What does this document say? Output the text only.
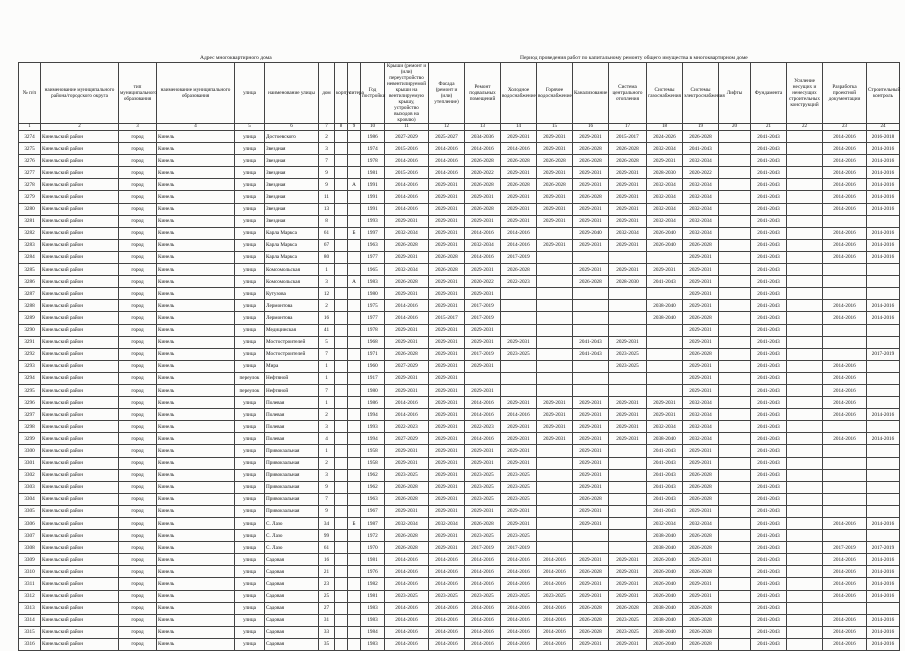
Адрес многоквартирного дома	Период проведения работ по капитальному ремонту общего имущества в многоквартирном доме
№ п/п	наименование муниципального района/городского округа	тип муниципального образования	наименование муниципального образования	улица	наименование улицы	дом	корпус	литера	Год постройки	Крыши (ремонт и (или) переустройство невентилируемой крыши на вентилируемую крышу, устройство выходов на кровлю)	Фасада (ремонт и (или) утепление)	Ремонт подвальных помещений	Холодное водоснабжение	Горячее водоснабжение	Канализование	Система центрального отопления	Системы газоснабжения	Системы электроснабжения	Лифты	Фундамента	Усиление несущих и ненесущих строительных конструкций	Разработка проектной документации	Строительный контроль
1	2	3	4	5	6	7	8	9	10	11	12	13	14	15	16	17	18	19	20	21	22	23	24
3274	Кинельский район	город	Кинель	улица	Достоевского	2			1986	2027-2029	2025-2027	2034-2036	2029-2031	2029-2031	2029-2031	2015-2017	2024-2026	2026-2028		2041-2043		2014-2016	2016-2018
3275	Кинельский район	город	Кинель	улица	Звездная	3			1974	2015-2016	2014-2016	2014-2016	2014-2016	2029-2031	2026-2028	2026-2028	2032-2034	2041-2043		2041-2043		2014-2016	2014-2016
3276	Кинельский район	город	Кинель	улица	Звездная	7			1978	2014-2016	2014-2016	2026-2028	2026-2028	2026-2028	2026-2028	2026-2028	2029-2031	2032-2034		2041-2043		2014-2016	2014-2016
3277	Кинельский район	город	Кинель	улица	Звездная	9			1981	2015-2016	2014-2016	2020-2022	2029-2031	2029-2031	2029-2031	2029-2031	2028-2030	2020-2022		2041-2043		2014-2016	2014-2016
3278	Кинельский район	город	Кинель	улица	Звездная	9		А	1991	2014-2016	2029-2031	2026-2028	2026-2028	2026-2028	2029-2031	2029-2031	2032-2034	2032-2034		2041-2043		2014-2016	2014-2016
3279	Кинельский район	город	Кинель	улица	Звездная	11			1991	2014-2016	2029-2031	2029-2031	2029-2031	2029-2031	2026-2028	2029-2031	2032-2034	2032-2034		2041-2043		2014-2016	2014-2016
3280	Кинельский район	город	Кинель	улица	Звездная	13			1991	2014-2016	2029-2031	2026-2028	2029-2031	2029-2031	2029-2031	2029-2031	2032-2034	2032-2034		2041-2043		2014-2016	2014-2016
3281	Кинельский район	город	Кинель	улица	Звездная	8			1993	2029-2031	2029-2031	2029-2031	2029-2031	2029-2031	2029-2031	2029-2031	2032-2034	2032-2034		2041-2043			
3282	Кинельский район	город	Кинель	улица	Карла Маркса	61		Б	1997	2032-2034	2029-2031	2014-2016	2014-2016		2029-2040	2032-2034	2026-2040	2032-2034		2041-2043		2014-2016	2014-2016
3283	Кинельский район	город	Кинель	улица	Карла Маркса	67			1963	2026-2028	2029-2031	2032-2034	2014-2016	2029-2031	2029-2031	2029-2031	2026-2040	2026-2028		2041-2043		2014-2016	2014-2016
3284	Кинельский район	город	Кинель	улица	Карла Маркса	80			1977	2029-2031	2026-2028	2014-2016	2017-2019					2029-2031		2041-2043		2014-2016	2014-2016
3285	Кинельский район	город	Кинель	улица	Комсомольская	1			1965	2032-2034	2026-2028	2029-2031	2026-2028		2029-2031	2029-2031	2029-2031	2029-2031		2041-2043			
3286	Кинельский район	город	Кинель	улица	Комсомольская	3		А	1983	2026-2028	2029-2031	2020-2022	2022-2023		2026-2028	2028-2030	2041-2043	2029-2031		2041-2043			
3287	Кинельский район	город	Кинель	улица	Кутузова	12			1980	2029-2031	2029-2031	2029-2031						2029-2031		2041-2043			
3288	Кинельский район	город	Кинель	улица	Лермонтова	2			1975	2014-2016	2029-2031	2017-2019					2038-2040	2029-2031		2041-2043		2014-2016	2014-2016
3289	Кинельский район	город	Кинель	улица	Лермонтова	16			1977	2014-2016	2015-2017	2017-2019					2038-2040	2026-2028		2041-2043		2014-2016	2014-2016
3290	Кинельский район	город	Кинель	улица	Медицинская	41			1978	2029-2031	2029-2031	2029-2031						2029-2031		2041-2043			
3291	Кинельский район	город	Кинель	улица	Мостостроителей	5			1968	2029-2031	2029-2031	2029-2031	2029-2031		2041-2043	2029-2031		2029-2031		2041-2043			
3292	Кинельский район	город	Кинель	улица	Мостостроителей	7			1971	2026-2028	2029-2031	2017-2019	2023-2025		2041-2043	2023-2025		2026-2028		2041-2043			2017-2019
3293	Кинельский район	город	Кинель	улица	Мира	1			1960	2027-2029	2029-2031	2029-2031				2023-2025		2029-2031		2041-2043		2014-2016	
3294	Кинельский район	город	Кинель	переулок	Нефтяной	1			1917	2029-2031	2029-2031							2029-2031		2041-2043		2014-2016	
3295	Кинельский район	город	Кинель	переулок	Нефтяной	7			1980	2029-2031	2029-2031	2029-2031						2029-2031		2041-2043		2014-2016	
3296	Кинельский район	город	Кинель	улица	Полевая	1			1986	2014-2016	2029-2031	2014-2016	2029-2031	2029-2031	2029-2031	2029-2031	2029-2031	2032-2034		2041-2043		2014-2016	
3297	Кинельский район	город	Кинель	улица	Полевая	2			1994	2014-2016	2029-2031	2014-2016	2014-2016	2029-2031	2029-2031	2029-2031	2029-2031	2032-2034		2041-2043		2014-2016	2014-2016
3298	Кинельский район	город	Кинель	улица	Полевая	3			1993	2022-2023	2029-2031	2022-2023	2029-2031	2029-2031	2029-2031	2029-2031	2032-2034	2032-2034		2041-2043			
3299	Кинельский район	город	Кинель	улица	Полевая	4			1994	2027-2029	2029-2031	2014-2016	2029-2031	2029-2031	2029-2031	2029-2031	2038-2040	2032-2034		2041-2043		2014-2016	2014-2016
3300	Кинельский район	город	Кинель	улица	Привокзальная	1			1958	2029-2031	2029-2031	2029-2031	2029-2031		2029-2031		2041-2043	2029-2031		2041-2043			
3301	Кинельский район	город	Кинель	улица	Привокзальная	2			1958	2029-2031	2029-2031	2029-2031	2029-2031		2029-2031		2041-2043	2029-2031		2041-2043			
3302	Кинельский район	город	Кинель	улица	Привокзальная	3			1962	2023-2025	2029-2031	2023-2025	2023-2025		2029-2031		2041-2043	2026-2028		2041-2043			
3303	Кинельский район	город	Кинель	улица	Привокзальная	9			1962	2026-2028	2029-2031	2023-2025	2023-2025		2029-2031		2041-2043	2026-2028		2041-2043			
3304	Кинельский район	город	Кинель	улица	Привокзальная	7			1963	2026-2028	2029-2031	2023-2025	2023-2025		2026-2028		2041-2043	2026-2028		2041-2043			
3305	Кинельский район	город	Кинель	улица	Привокзальная	9			1967	2029-2031	2029-2031	2029-2031	2029-2031		2029-2031		2041-2043	2029-2031		2041-2043			
3306	Кинельский район	город	Кинель	улица	С. Лазо	34		Б	1987	2032-2034	2032-2034	2026-2028	2029-2031		2029-2031		2032-2034	2032-2034		2041-2043		2014-2016	2014-2016
3307	Кинельский район	город	Кинель	улица	С. Лазо	99			1972	2026-2028	2029-2031	2023-2025	2023-2025				2038-2040	2026-2028		2041-2043			
3308	Кинельский район	город	Кинель	улица	С. Лазо	61			1970	2026-2028	2029-2031	2017-2019	2017-2019				2038-2040	2026-2028		2041-2043		2017-2019	2017-2019
3309	Кинельский район	город	Кинель	улица	Садовая	16			1981	2014-2016	2014-2016	2014-2016	2014-2016	2014-2016	2029-2031	2029-2031	2026-2040	2029-2031		2041-2043		2014-2016	2014-2016
3310	Кинельский район	город	Кинель	улица	Садовая	21			1976	2014-2016	2014-2016	2014-2016	2014-2016	2014-2016	2026-2028	2029-2031	2026-2040	2026-2028		2041-2043		2014-2016	2014-2016
3311	Кинельский район	город	Кинель	улица	Садовая	23			1982	2014-2016	2014-2016	2014-2016	2014-2016	2014-2016	2029-2031	2029-2031	2026-2040	2029-2031		2041-2043		2014-2016	2014-2016
3312	Кинельский район	город	Кинель	улица	Садовая	25			1981	2023-2025	2023-2025	2023-2025	2023-2025	2023-2025	2029-2031	2029-2031	2026-2040	2029-2031		2041-2043		2014-2016	2014-2016
3313	Кинельский район	город	Кинель	улица	Садовая	27			1983	2014-2016	2014-2016	2014-2016	2014-2016	2014-2016	2026-2028	2026-2028	2038-2040	2026-2028		2041-2043			
3314	Кинельский район	город	Кинель	улица	Садовая	31			1983	2014-2016	2014-2016	2014-2016	2014-2016	2014-2016	2026-2028	2023-2025	2038-2040	2026-2028		2041-2043		2014-2016	2014-2016
3315	Кинельский район	город	Кинель	улица	Садовая	33			1984	2014-2016	2014-2016	2014-2016	2014-2016	2014-2016	2026-2028	2023-2025	2038-2040	2026-2028		2041-2043		2014-2016	2014-2016
3316	Кинельский район	город	Кинель	улица	Садовая	35			1983	2014-2016	2014-2016	2014-2016	2014-2016	2014-2016	2029-2031	2029-2031	2026-2040	2026-2028		2041-2043		2014-2016	2014-2016
